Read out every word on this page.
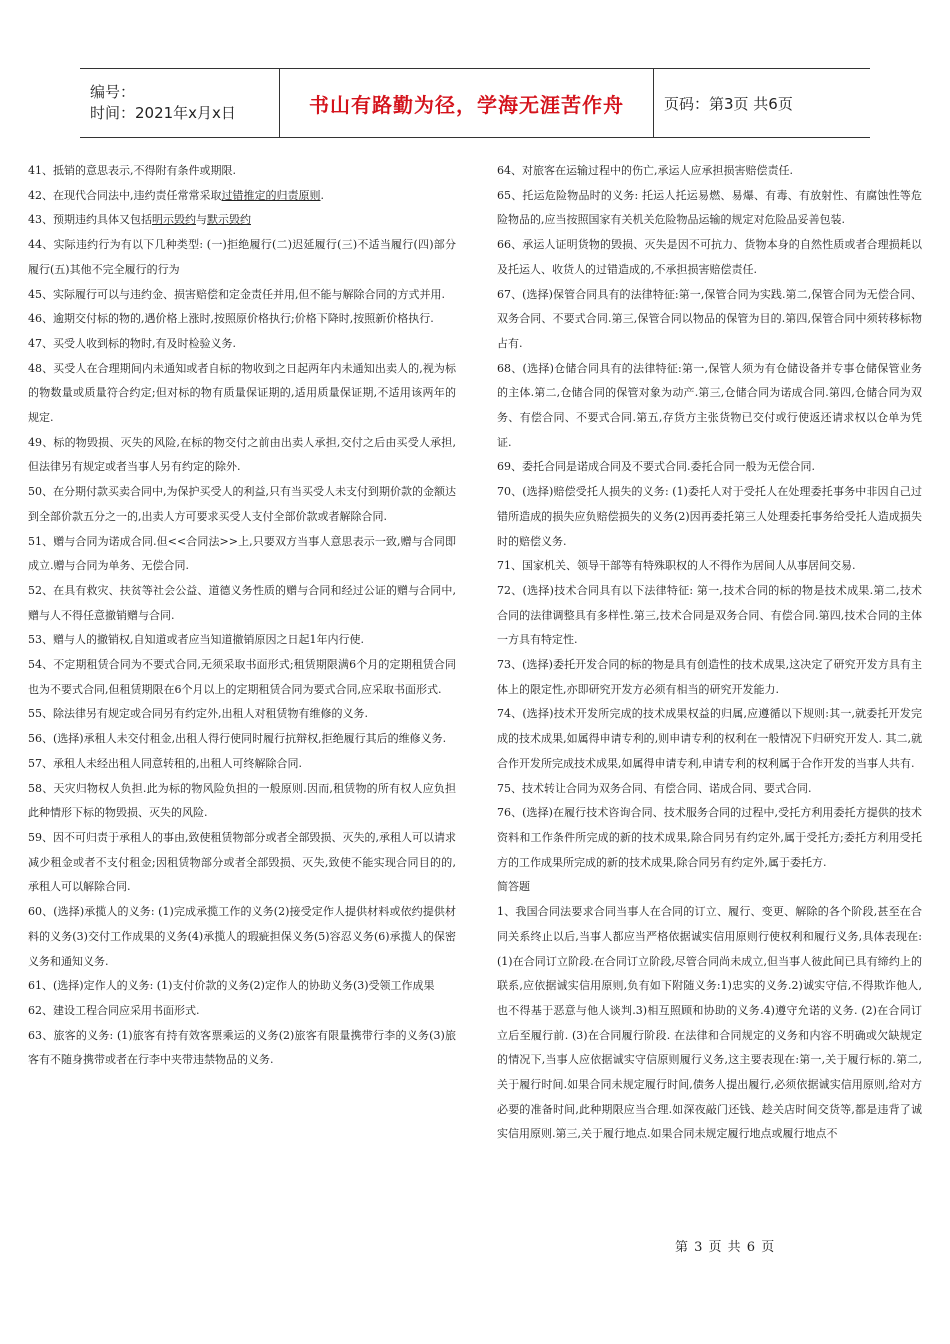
编号：
时间：2021年x月x日	书山有路勤为径，学海无涯苦作舟	页码：第3页 共6页

41、抵销的意思表示,不得附有条件或期限.

42、在现代合同法中,违约责任常常采取过错推定的归责原则.

43、预期违约具体又包括明示毁约与默示毁约

44、实际违约行为有以下几种类型: (一)拒绝履行(二)迟延履行(三)不适当履行(四)部分履行(五)其他不完全履行的行为

45、实际履行可以与违约金、损害赔偿和定金责任并用,但不能与解除合同的方式并用.

46、逾期交付标的物的,遇价格上涨时,按照原价格执行;价格下降时,按照新价格执行.

47、买受人收到标的物时,有及时检验义务.

48、买受人在合理期间内未通知或者自标的物收到之日起两年内未通知出卖人的,视为标的物数量或质量符合约定;但对标的物有质量保证期的,适用质量保证期,不适用该两年的规定.

49、标的物毁损、灭失的风险,在标的物交付之前由出卖人承担,交付之后由买受人承担,但法律另有规定或者当事人另有约定的除外.

50、在分期付款买卖合同中,为保护买受人的利益,只有当买受人未支付到期价款的金额达到全部价款五分之一的,出卖人方可要求买受人支付全部价款或者解除合同.

51、赠与合同为诺成合同.但<<合同法>>上,只要双方当事人意思表示一致,赠与合同即成立.赠与合同为单务、无偿合同.

52、在具有救灾、扶贫等社会公益、道德义务性质的赠与合同和经过公证的赠与合同中,赠与人不得任意撤销赠与合同.

53、赠与人的撤销权,自知道或者应当知道撤销原因之日起1年内行使.

54、不定期租赁合同为不要式合同,无须采取书面形式;租赁期限满6个月的定期租赁合同也为不要式合同,但租赁期限在6个月以上的定期租赁合同为要式合同,应采取书面形式.

55、除法律另有规定或合同另有约定外,出租人对租赁物有维修的义务.

56、(选择)承租人未交付租金,出租人得行使同时履行抗辩权,拒绝履行其后的维修义务.

57、承租人未经出租人同意转租的,出租人可终解除合同.

58、天灾归物权人负担.此为标的物风险负担的一般原则.因而,租赁物的所有权人应负担此种情形下标的物毁损、灭失的风险.

59、因不可归责于承租人的事由,致使租赁物部分或者全部毁损、灭失的,承租人可以请求减少租金或者不支付租金;因租赁物部分或者全部毁损、灭失,致使不能实现合同目的的,承租人可以解除合同.

60、(选择)承揽人的义务: (1)完成承揽工作的义务(2)接受定作人提供材料或依约提供材料的义务(3)交付工作成果的义务(4)承揽人的瑕疵担保义务(5)容忍义务(6)承揽人的保密义务和通知义务.

61、(选择)定作人的义务: (1)支付价款的义务(2)定作人的协助义务(3)受领工作成果

62、建设工程合同应采用书面形式.

63、旅客的义务: (1)旅客有持有效客票乘运的义务(2)旅客有限量携带行李的义务(3)旅客有不随身携带或者在行李中夹带违禁物品的义务.

64、对旅客在运输过程中的伤亡,承运人应承担损害赔偿责任.

65、托运危险物品时的义务: 托运人托运易燃、易爆、有毒、有放射性、有腐蚀性等危险物品的,应当按照国家有关机关危险物品运输的规定对危险品妥善包装.

66、承运人证明货物的毁损、灭失是因不可抗力、货物本身的自然性质或者合理损耗以及托运人、收货人的过错造成的,不承担损害赔偿责任.

67、(选择)保管合同具有的法律特征:第一,保管合同为实践.第二,保管合同为无偿合同、双务合同、不要式合同.第三,保管合同以物品的保管为目的.第四,保管合同中须转移标物占有.

68、(选择)仓储合同具有的法律特征:第一,保管人须为有仓储设备并专事仓储保管业务的主体.第二,仓储合同的保管对象为动产.第三,仓储合同为诺成合同.第四,仓储合同为双务、有偿合同、不要式合同.第五,存货方主张货物已交付或行使返还请求权以仓单为凭证.

69、委托合同是诺成合同及不要式合同.委托合同一般为无偿合同.

70、(选择)赔偿受托人损失的义务: (1)委托人对于受托人在处理委托事务中非因自己过错所造成的损失应负赔偿损失的义务(2)因再委托第三人处理委托事务给受托人造成损失时的赔偿义务.

71、国家机关、领导干部等有特殊职权的人不得作为居间人从事居间交易.

72、(选择)技术合同具有以下法律特征: 第一,技术合同的标的物是技术成果.第二,技术合同的法律调整具有多样性.第三,技术合同是双务合同、有偿合同.第四,技术合同的主体一方具有特定性.

73、(选择)委托开发合同的标的物是具有创造性的技术成果,这决定了研究开发方具有主体上的限定性,亦即研究开发方必须有相当的研究开发能力.

74、(选择)技术开发所完成的技术成果权益的归属,应遵循以下规则:其一,就委托开发完成的技术成果,如属得申请专利的,则申请专利的权利在一般情况下归研究开发人. 其二,就合作开发所完成技术成果,如属得申请专利,申请专利的权利属于合作开发的当事人共有.

75、技术转让合同为双务合同、有偿合同、诺成合同、要式合同.

76、(选择)在履行技术咨询合同、技术服务合同的过程中,受托方利用委托方提供的技术资料和工作条件所完成的新的技术成果,除合同另有约定外,属于受托方;委托方利用受托方的工作成果所完成的新的技术成果,除合同另有约定外,属于委托方.

简答题

1、我国合同法要求合同当事人在合同的订立、履行、变更、解除的各个阶段,甚至在合同关系终止以后,当事人都应当严格依据诚实信用原则行使权利和履行义务,具体表现在: (1)在合同订立阶段.在合同订立阶段,尽管合同尚未成立,但当事人彼此间已具有缔约上的联系,应依据诚实信用原则,负有如下附随义务:1)忠实的义务.2)诚实守信,不得欺诈他人,也不得基于恶意与他人谈判.3)相互照顾和协助的义务.4)遵守允诺的义务. (2)在合同订立后至履行前. (3)在合同履行阶段. 在法律和合同规定的义务和内容不明确或欠缺规定的情况下,当事人应依据诚实守信原则履行义务,这主要表现在:第一,关于履行标的.第二,关于履行时间.如果合同未规定履行时间,债务人提出履行,必须依据诚实信用原则,给对方必要的准备时间,此种期限应当合理.如深夜敲门还钱、趁关店时间交货等,都是违背了诚实信用原则.第三,关于履行地点.如果合同未规定履行地点或履行地点不

第 3 页 共 6 页
